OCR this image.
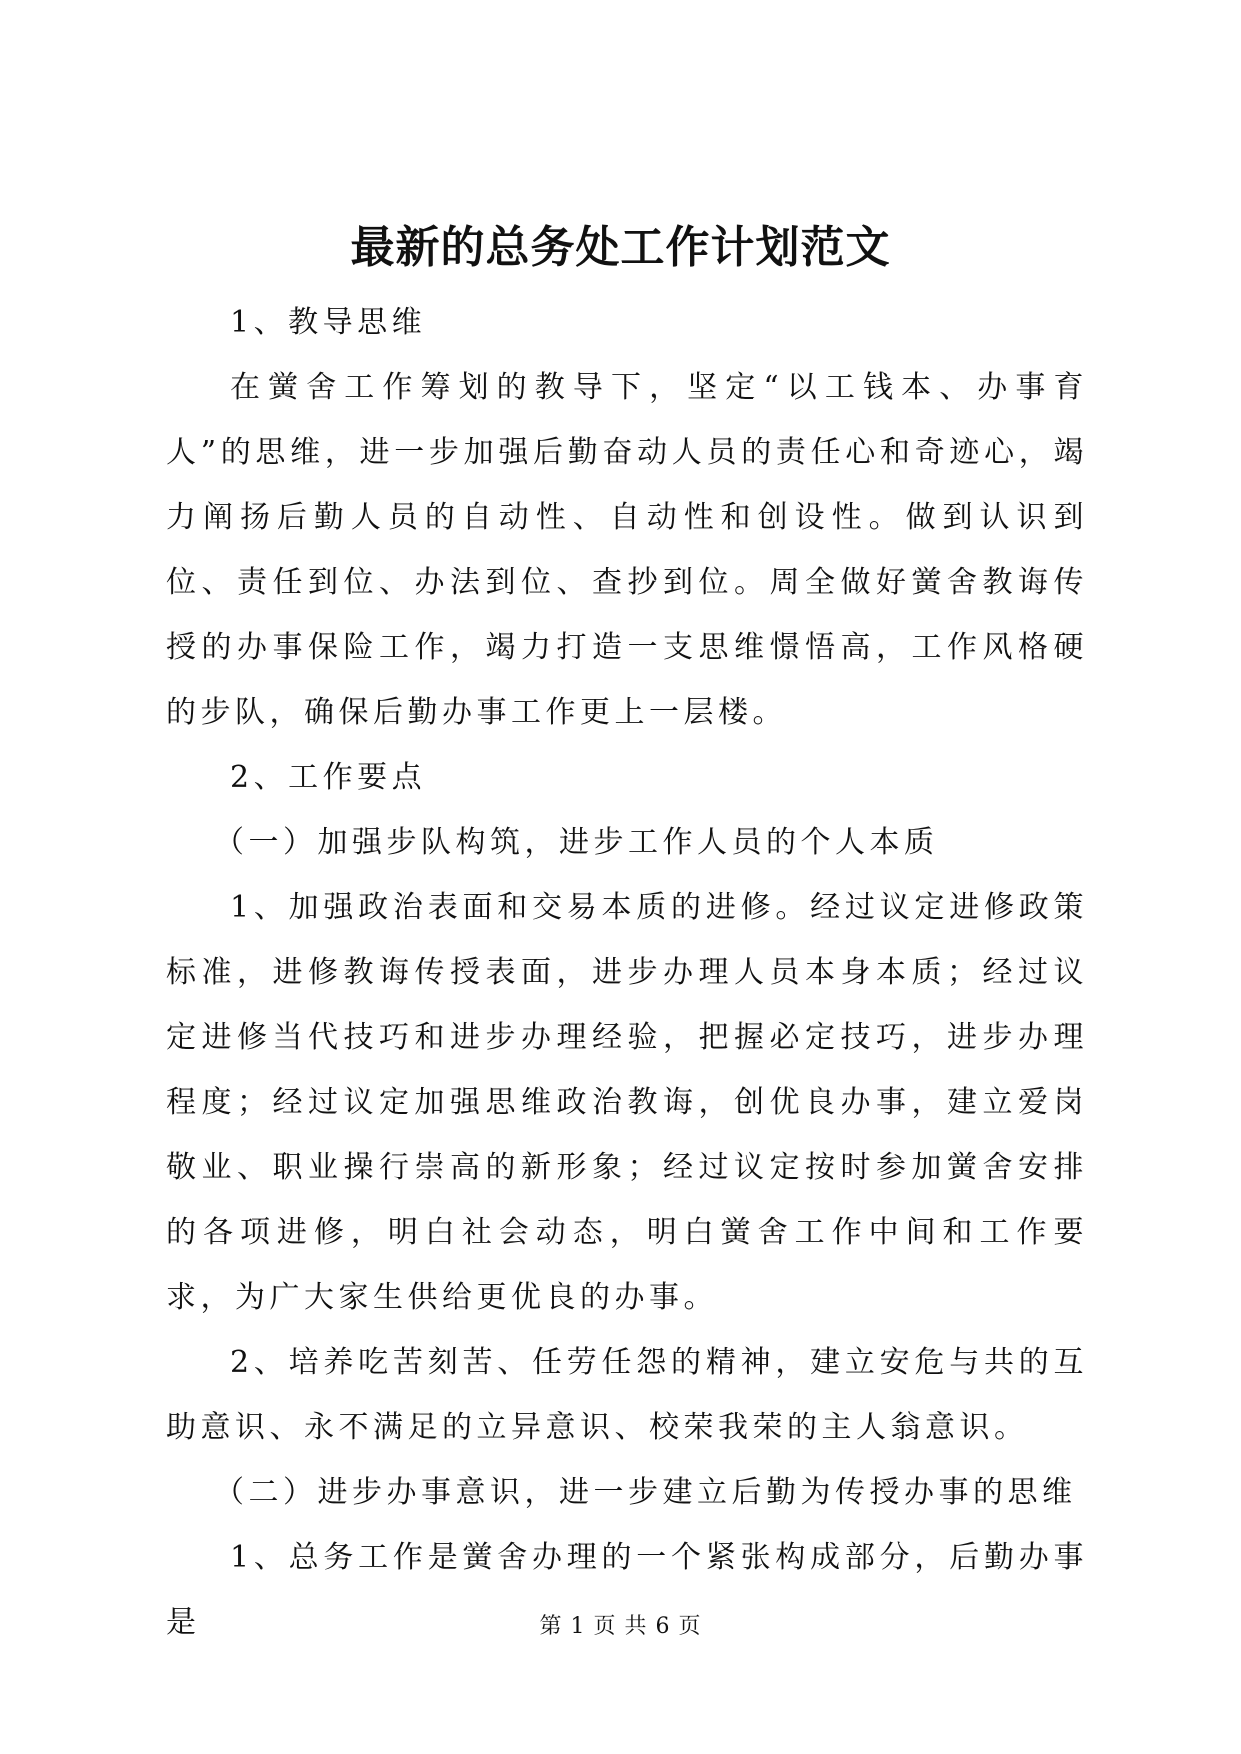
最新的总务处工作计划范文

1、教导思维

在黉舍工作筹划的教导下，坚定“以工钱本、办事育人”的思维，进一步加强后勤奋动人员的责任心和奇迹心，竭力阐扬后勤人员的自动性、自动性和创设性。做到认识到位、责任到位、办法到位、查抄到位。周全做好黉舍教诲传授的办事保险工作，竭力打造一支思维憬悟高，工作风格硬的步队，确保后勤办事工作更上一层楼。

2、工作要点

（一）加强步队构筑，进步工作人员的个人本质

1、加强政治表面和交易本质的进修。经过议定进修政策标准，进修教诲传授表面，进步办理人员本身本质；经过议定进修当代技巧和进步办理经验，把握必定技巧，进步办理程度；经过议定加强思维政治教诲，创优良办事，建立爱岗敬业、职业操行崇高的新形象；经过议定按时参加黉舍安排的各项进修，明白社会动态，明白黉舍工作中间和工作要求，为广大家生供给更优良的办事。

2、培养吃苦刻苦、任劳任怨的精神，建立安危与共的互助意识、永不满足的立异意识、校荣我荣的主人翁意识。

（二）进步办事意识，进一步建立后勤为传授办事的思维

1、总务工作是黉舍办理的一个紧张构成部分，后勤办事是	第 1 页 共 6 页
